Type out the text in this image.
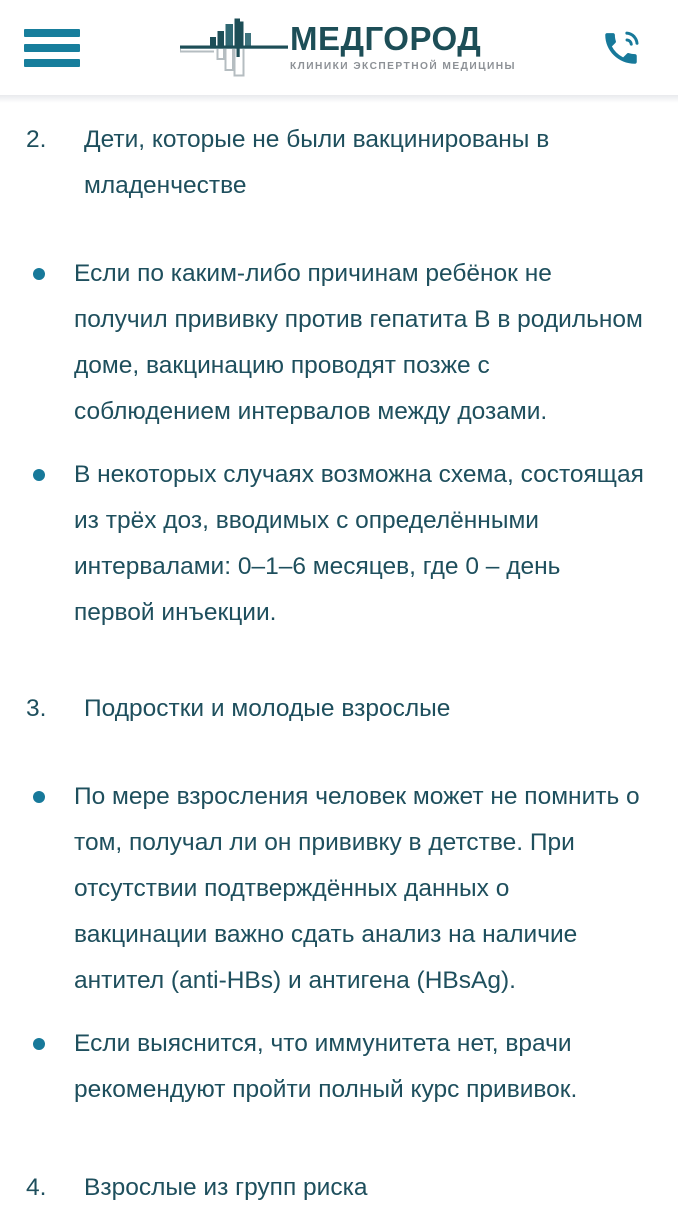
МЕДГОРОД
КЛИНИКИ ЭКСПЕРТНОЙ МЕДИЦИНЫ
2.	Дети, которые не были вакцинированы в младенчестве
Если по каким-либо причинам ребёнок не получил прививку против гепатита В в родильном доме, вакцинацию проводят позже с соблюдением интервалов между дозами.
В некоторых случаях возможна схема, состоящая из трёх доз, вводимых с определёнными интервалами: 0–1–6 месяцев, где 0 – день первой инъекции.
3.	Подростки и молодые взрослые
По мере взросления человек может не помнить о том, получал ли он прививку в детстве. При отсутствии подтверждённых данных о вакцинации важно сдать анализ на наличие антител (anti-HBs) и антигена (HBsAg).
Если выяснится, что иммунитета нет, врачи рекомендуют пройти полный курс прививок.
4.	Взрослые из групп риска
